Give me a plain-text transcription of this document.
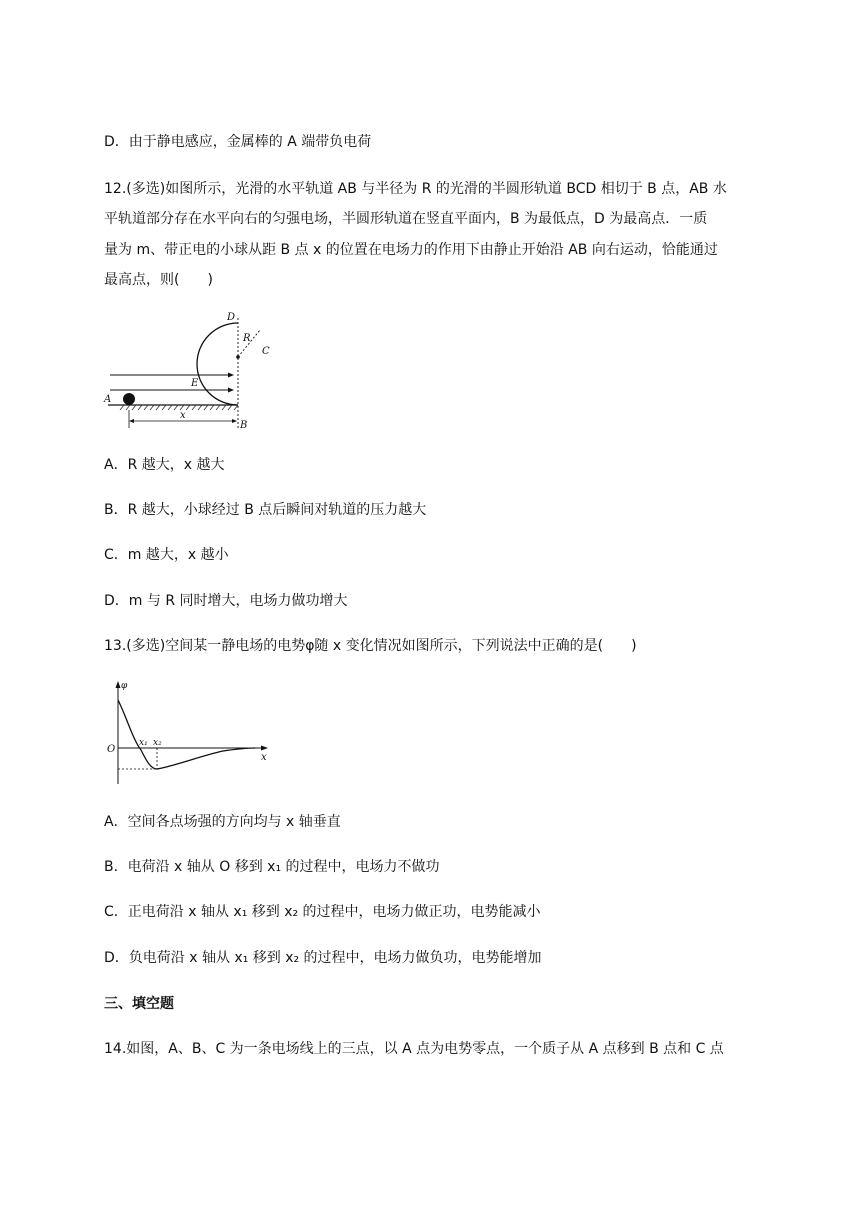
D．由于静电感应，金属棒的 A 端带负电荷
12.(多选)如图所示，光滑的水平轨道 AB 与半径为 R 的光滑的半圆形轨道 BCD 相切于 B 点，AB 水
平轨道部分存在水平向右的匀强电场，半圆形轨道在竖直平面内，B 为最低点，D 为最高点．一质
量为 m、带正电的小球从距 B 点 x 的位置在电场力的作用下由静止开始沿 AB 向右运动，恰能通过
最高点，则(　　)
D
R
C
E
A
B
x
A．R 越大，x 越大
B．R 越大，小球经过 B 点后瞬间对轨道的压力越大
C．m 越大，x 越小
D．m 与 R 同时增大，电场力做功增大
13.(多选)空间某一静电场的电势φ随 x 变化情况如图所示，下列说法中正确的是(　　)
φ
O
x₁ x₂
x
A．空间各点场强的方向均与 x 轴垂直
B．电荷沿 x 轴从 O 移到 x₁ 的过程中，电场力不做功
C．正电荷沿 x 轴从 x₁ 移到 x₂ 的过程中，电场力做正功，电势能减小
D．负电荷沿 x 轴从 x₁ 移到 x₂ 的过程中，电场力做负功，电势能增加
三、填空题
14.如图，A、B、C 为一条电场线上的三点，以 A 点为电势零点，一个质子从 A 点移到 B 点和 C 点
